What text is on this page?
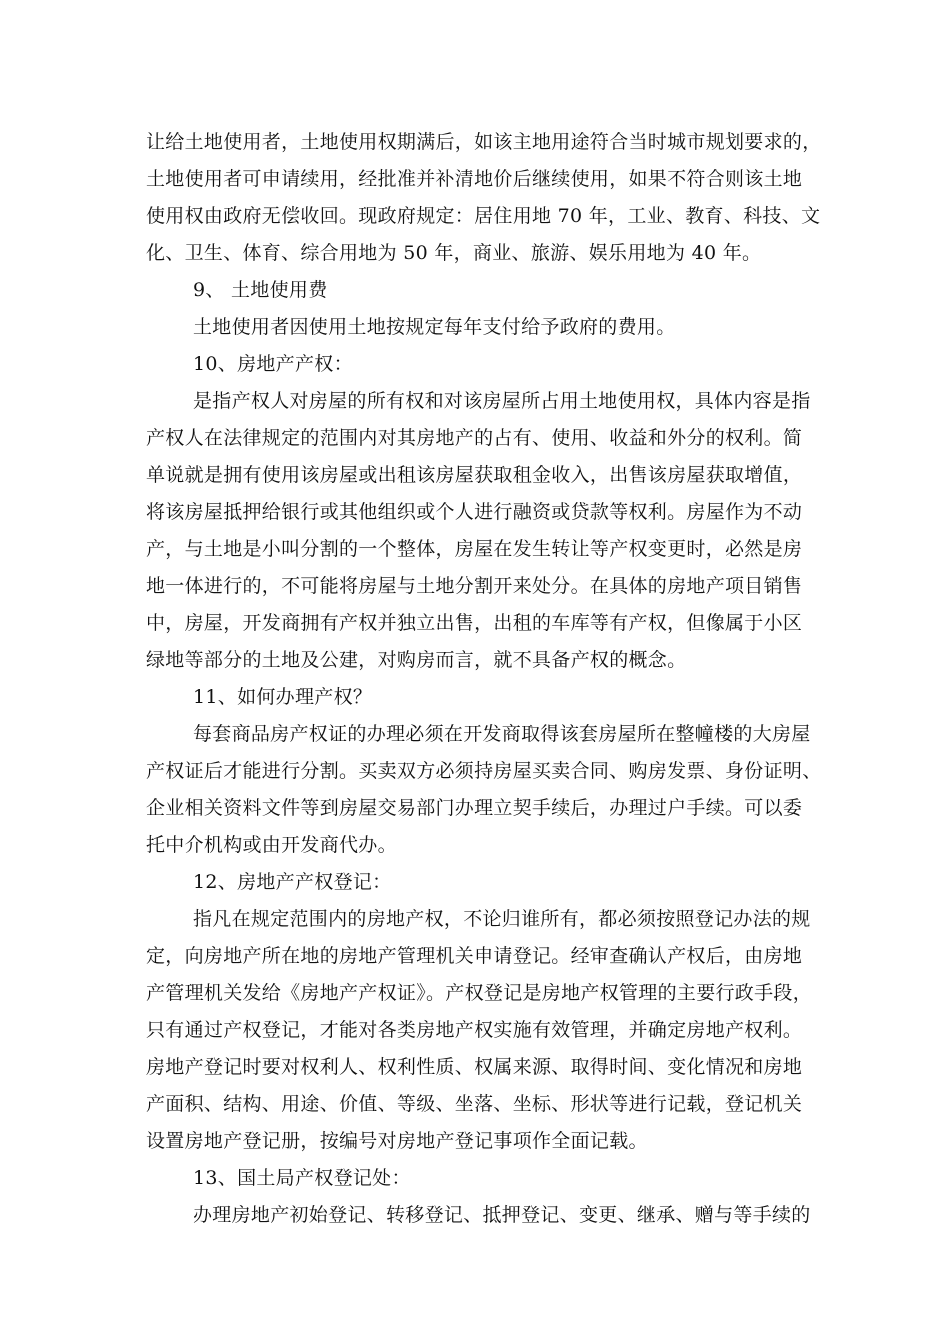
让给土地使用者，土地使用权期满后，如该主地用途符合当时城市规划要求的，
土地使用者可申请续用，经批准并补清地价后继续使用，如果不符合则该土地
使用权由政府无偿收回。现政府规定：居住用地 70 年，工业、教育、科技、文
化、卫生、体育、综合用地为 50 年，商业、旅游、娱乐用地为 40 年。
9、 土地使用费
土地使用者因使用土地按规定每年支付给予政府的费用。
10、房地产产权：
是指产权人对房屋的所有权和对该房屋所占用土地使用权，具体内容是指
产权人在法律规定的范围内对其房地产的占有、使用、收益和外分的权利。简
单说就是拥有使用该房屋或出租该房屋获取租金收入，出售该房屋获取增值，
将该房屋抵押给银行或其他组织或个人进行融资或贷款等权利。房屋作为不动
产，与土地是小叫分割的一个整体，房屋在发生转让等产权变更时，必然是房
地一体进行的，不可能将房屋与土地分割开来处分。在具体的房地产项目销售
中，房屋，开发商拥有产权并独立出售，出租的车库等有产权，但像属于小区
绿地等部分的土地及公建，对购房而言，就不具备产权的概念。
11、如何办理产权？
每套商品房产权证的办理必须在开发商取得该套房屋所在整幢楼的大房屋
产权证后才能进行分割。买卖双方必须持房屋买卖合同、购房发票、身份证明、
企业相关资料文件等到房屋交易部门办理立契手续后，办理过户手续。可以委
托中介机构或由开发商代办。
12、房地产产权登记：
指凡在规定范围内的房地产权，不论归谁所有，都必须按照登记办法的规
定，向房地产所在地的房地产管理机关申请登记。经审查确认产权后，由房地
产管理机关发给《房地产产权证》。产权登记是房地产权管理的主要行政手段，
只有通过产权登记，才能对各类房地产权实施有效管理，并确定房地产权利。
房地产登记时要对权利人、权利性质、权属来源、取得时间、变化情况和房地
产面积、结构、用途、价值、等级、坐落、坐标、形状等进行记载，登记机关
设置房地产登记册，按编号对房地产登记事项作全面记载。
13、国土局产权登记处：
办理房地产初始登记、转移登记、抵押登记、变更、继承、赠与等手续的
